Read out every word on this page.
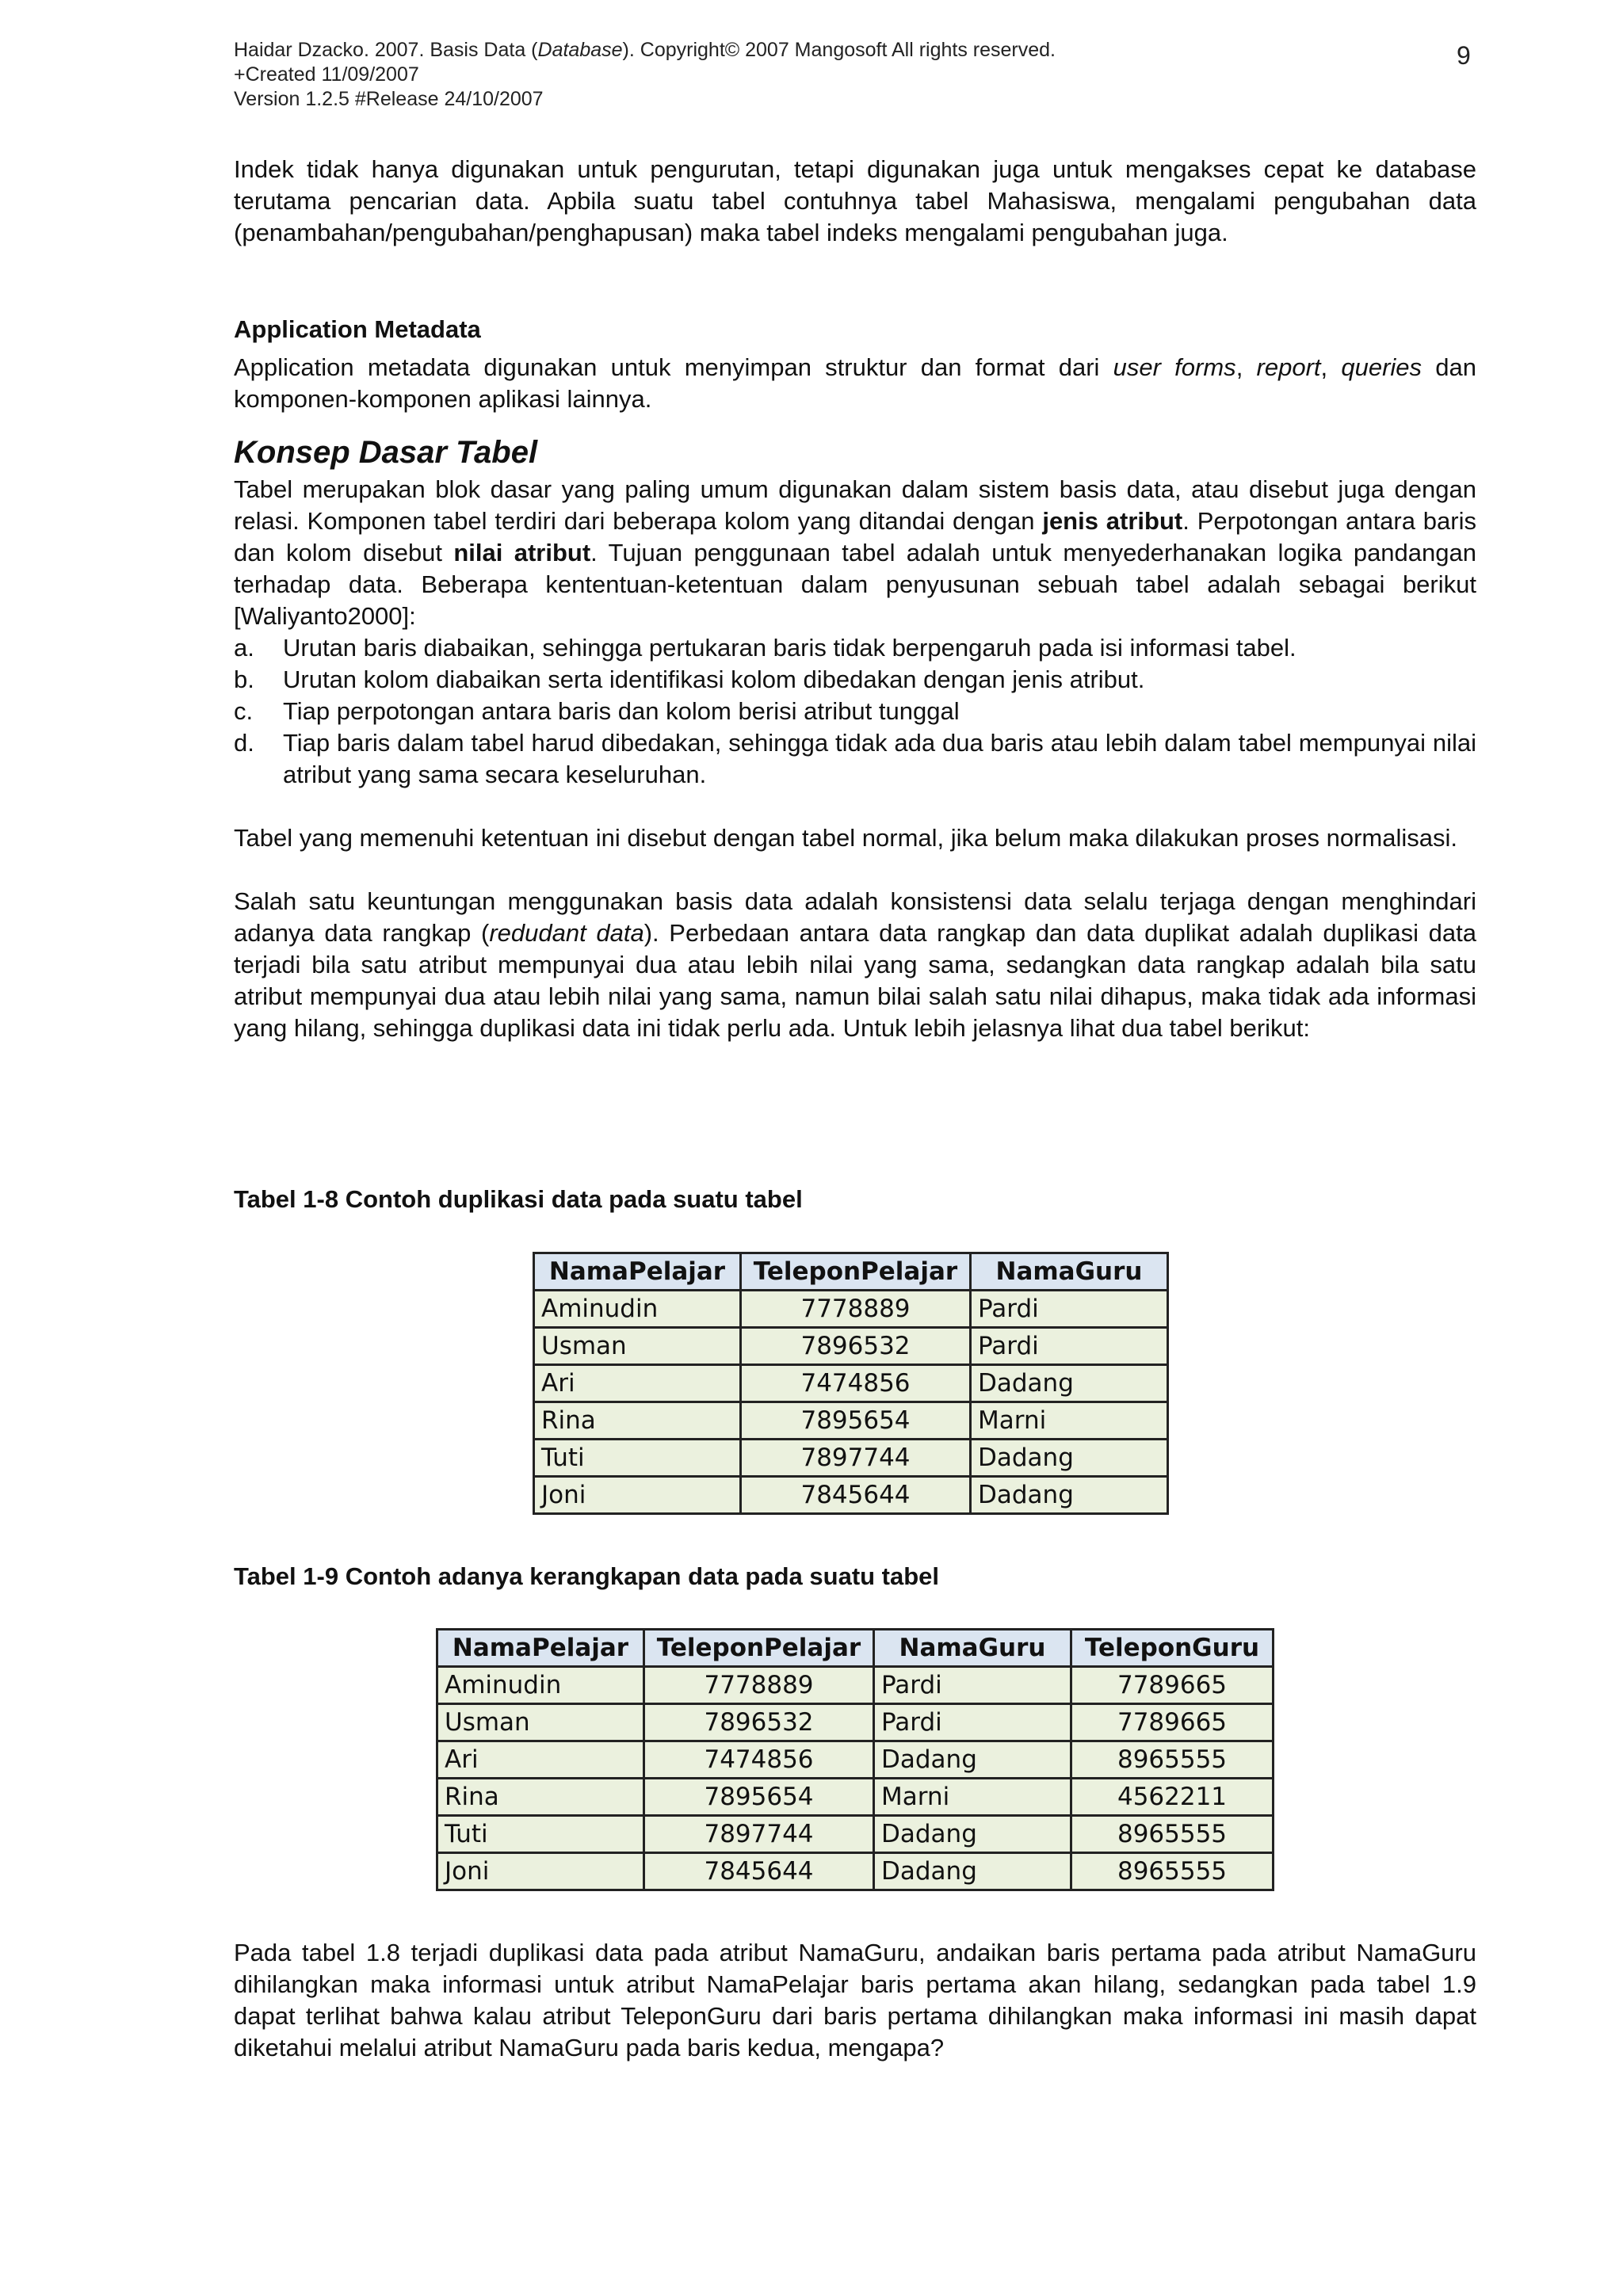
Haidar Dzacko. 2007. Basis Data (Database). Copyright© 2007 Mangosoft All rights reserved.
+Created 11/09/2007
Version 1.2.5 #Release 24/10/2007
9

Indek tidak hanya digunakan untuk pengurutan, tetapi digunakan juga untuk mengakses cepat ke database terutama pencarian data. Apbila suatu tabel contuhnya tabel Mahasiswa, mengalami pengubahan data (penambahan/pengubahan/penghapusan) maka tabel indeks mengalami pengubahan juga.

Application Metadata

Application metadata digunakan untuk menyimpan struktur dan format dari user forms, report, queries dan komponen-komponen aplikasi lainnya.

Konsep Dasar Tabel

Tabel merupakan blok dasar yang paling umum digunakan dalam sistem basis data, atau disebut juga dengan relasi. Komponen tabel terdiri dari beberapa kolom yang ditandai dengan jenis atribut. Perpotongan antara baris dan kolom disebut nilai atribut. Tujuan penggunaan tabel adalah untuk menyederhanakan logika pandangan terhadap data. Beberapa kententuan-ketentuan dalam penyusunan sebuah tabel adalah sebagai berikut [Waliyanto2000]:

a.	Urutan baris diabaikan, sehingga pertukaran baris tidak berpengaruh pada isi informasi tabel.
b.	Urutan kolom diabaikan serta identifikasi kolom dibedakan dengan jenis atribut.
c.	Tiap perpotongan antara baris dan kolom berisi atribut tunggal
d.	Tiap baris dalam tabel harud dibedakan, sehingga tidak ada dua baris atau lebih dalam tabel mempunyai nilai atribut yang sama secara keseluruhan.

Tabel yang memenuhi ketentuan ini disebut dengan tabel normal, jika belum maka dilakukan proses normalisasi.

Salah satu keuntungan menggunakan basis data adalah konsistensi data selalu terjaga dengan menghindari adanya data rangkap (redudant data). Perbedaan antara data rangkap dan data duplikat adalah duplikasi data terjadi bila satu atribut mempunyai dua atau lebih nilai yang sama, sedangkan data rangkap adalah bila satu atribut mempunyai dua atau lebih nilai yang sama, namun bilai salah satu nilai dihapus, maka tidak ada informasi yang hilang, sehingga duplikasi data ini tidak perlu ada. Untuk lebih jelasnya lihat dua tabel berikut:

Tabel 1-8 Contoh duplikasi data pada suatu tabel

NamaPelajar	TeleponPelajar	NamaGuru
Aminudin	7778889	Pardi
Usman	7896532	Pardi
Ari	7474856	Dadang
Rina	7895654	Marni
Tuti	7897744	Dadang
Joni	7845644	Dadang

Tabel 1-9 Contoh adanya kerangkapan data pada suatu tabel

NamaPelajar	TeleponPelajar	NamaGuru	TeleponGuru
Aminudin	7778889	Pardi	7789665
Usman	7896532	Pardi	7789665
Ari	7474856	Dadang	8965555
Rina	7895654	Marni	4562211
Tuti	7897744	Dadang	8965555
Joni	7845644	Dadang	8965555

Pada tabel 1.8 terjadi duplikasi data pada atribut NamaGuru, andaikan baris pertama pada atribut NamaGuru dihilangkan maka informasi untuk atribut NamaPelajar baris pertama akan hilang, sedangkan pada tabel 1.9 dapat terlihat bahwa kalau atribut TeleponGuru dari baris pertama dihilangkan maka informasi ini masih dapat diketahui melalui atribut NamaGuru pada baris kedua, mengapa?
